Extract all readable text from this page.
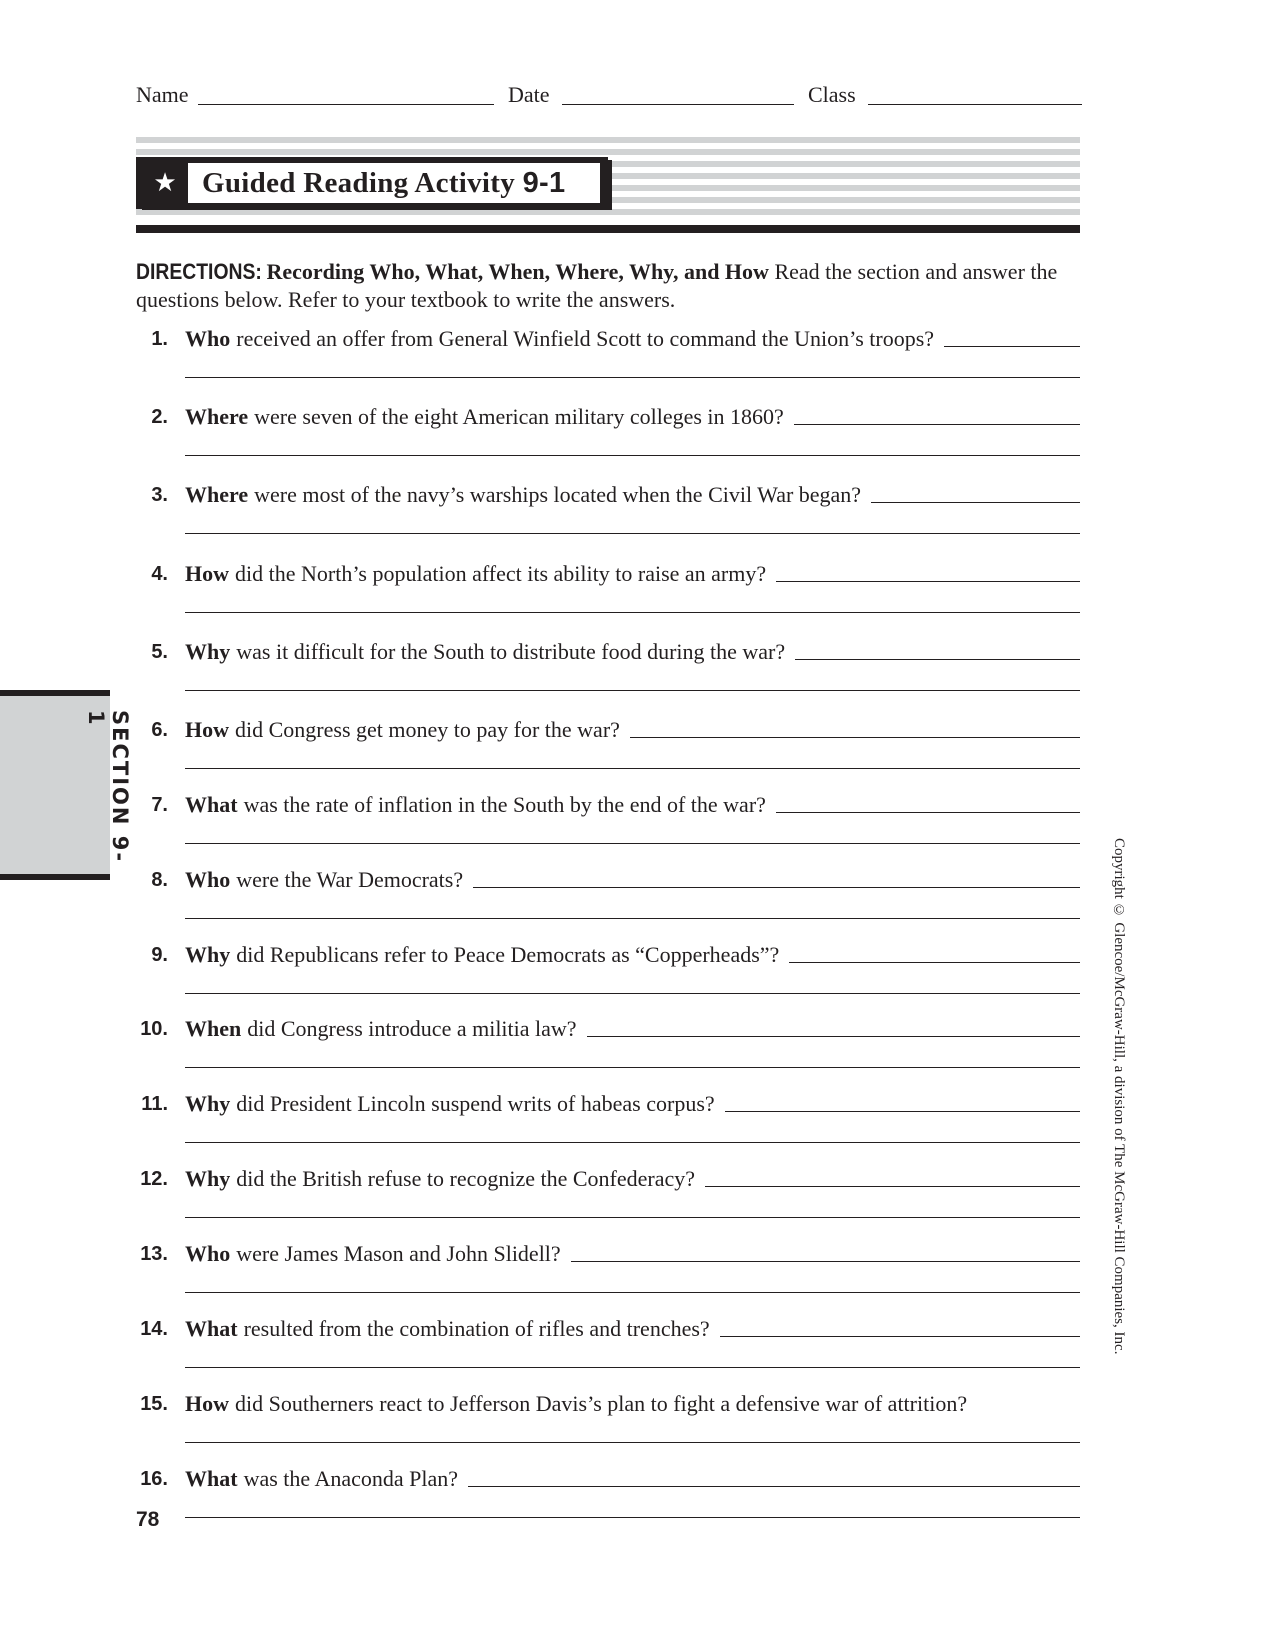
Name	Date	Class
★ Guided Reading Activity 9-1
DIRECTIONS: Recording Who, What, When, Where, Why, and How Read the section and answer the questions below. Refer to your textbook to write the answers.
1. Who received an offer from General Winfield Scott to command the Union’s troops?
2. Where were seven of the eight American military colleges in 1860?
3. Where were most of the navy’s warships located when the Civil War began?
4. How did the North’s population affect its ability to raise an army?
5. Why was it difficult for the South to distribute food during the war?
6. How did Congress get money to pay for the war?
7. What was the rate of inflation in the South by the end of the war?
8. Who were the War Democrats?
9. Why did Republicans refer to Peace Democrats as “Copperheads”?
10. When did Congress introduce a militia law?
11. Why did President Lincoln suspend writs of habeas corpus?
12. Why did the British refuse to recognize the Confederacy?
13. Who were James Mason and John Slidell?
14. What resulted from the combination of rifles and trenches?
15. How did Southerners react to Jefferson Davis’s plan to fight a defensive war of attrition?
16. What was the Anaconda Plan?
SECTION 9-1
Copyright © Glencoe/McGraw-Hill, a division of The McGraw-Hill Companies, Inc.
78
